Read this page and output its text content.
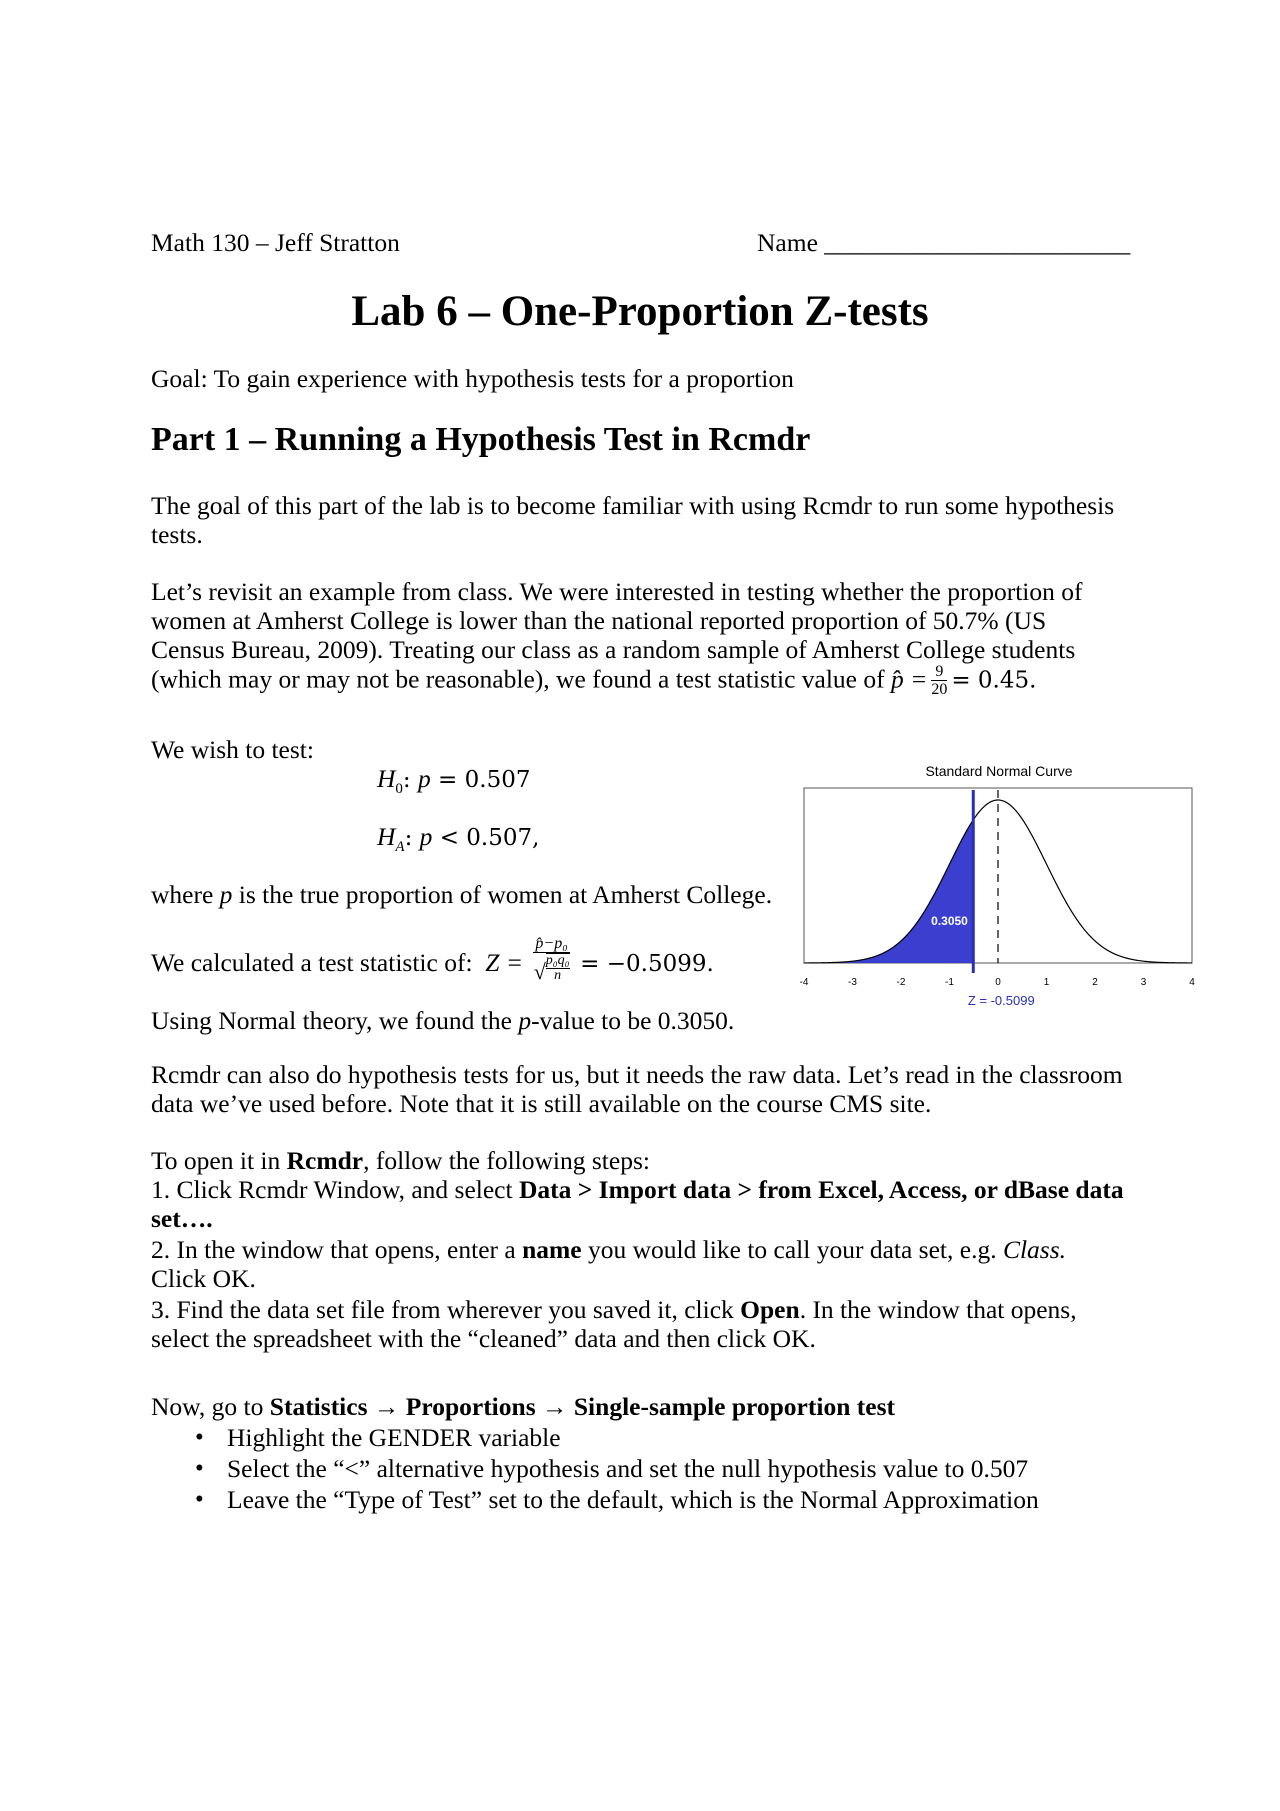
Math 130 – Jeff Stratton	Name ________________________
Lab 6 – One-Proportion Z-tests
Goal: To gain experience with hypothesis tests for a proportion
Part 1 – Running a Hypothesis Test in Rcmdr

The goal of this part of the lab is to become familiar with using Rcmdr to run some hypothesis tests.

Let’s revisit an example from class. We were interested in testing whether the proportion of women at Amherst College is lower than the national reported proportion of 50.7% (US Census Bureau, 2009). Treating our class as a random sample of Amherst College students (which may or may not be reasonable), we found a test statistic value of p̂ = $\frac{9}{20} = 0.45$.

We wish to test:
$H_0$: p = 0.507
$H_A$: p < 0.507,
where p is the true proportion of women at Amherst College.
We calculated a test statistic of:  $Z = \frac{\text{p̂−p₀}}{√ \frac{\text{p₀q₀}}{n}} = -0.5099$.
Using Normal theory, we found the p-value to be 0.3050.
Standard Normal Curve
0.3050
-4	-3	-2	-1	0	1	2	3	4
Z = -0.5099

Rcmdr can also do hypothesis tests for us, but it needs the raw data. Let’s read in the classroom data we’ve used before. Note that it is still available on the course CMS site.

To open it in Rcmdr, follow the following steps:
1. Click Rcmdr Window, and select Data > Import data > from Excel, Access, or dBase data set….
2. In the window that opens, enter a name you would like to call your data set, e.g. Class.
Click OK.
3. Find the data set file from wherever you saved it, click Open. In the window that opens, select the spreadsheet with the “cleaned” data and then click OK.
Now, go to Statistics → Proportions → Single-sample proportion test
• Highlight the GENDER variable
• Select the “<” alternative hypothesis and set the null hypothesis value to 0.507
• Leave the “Type of Test” set to the default, which is the Normal Approximation
